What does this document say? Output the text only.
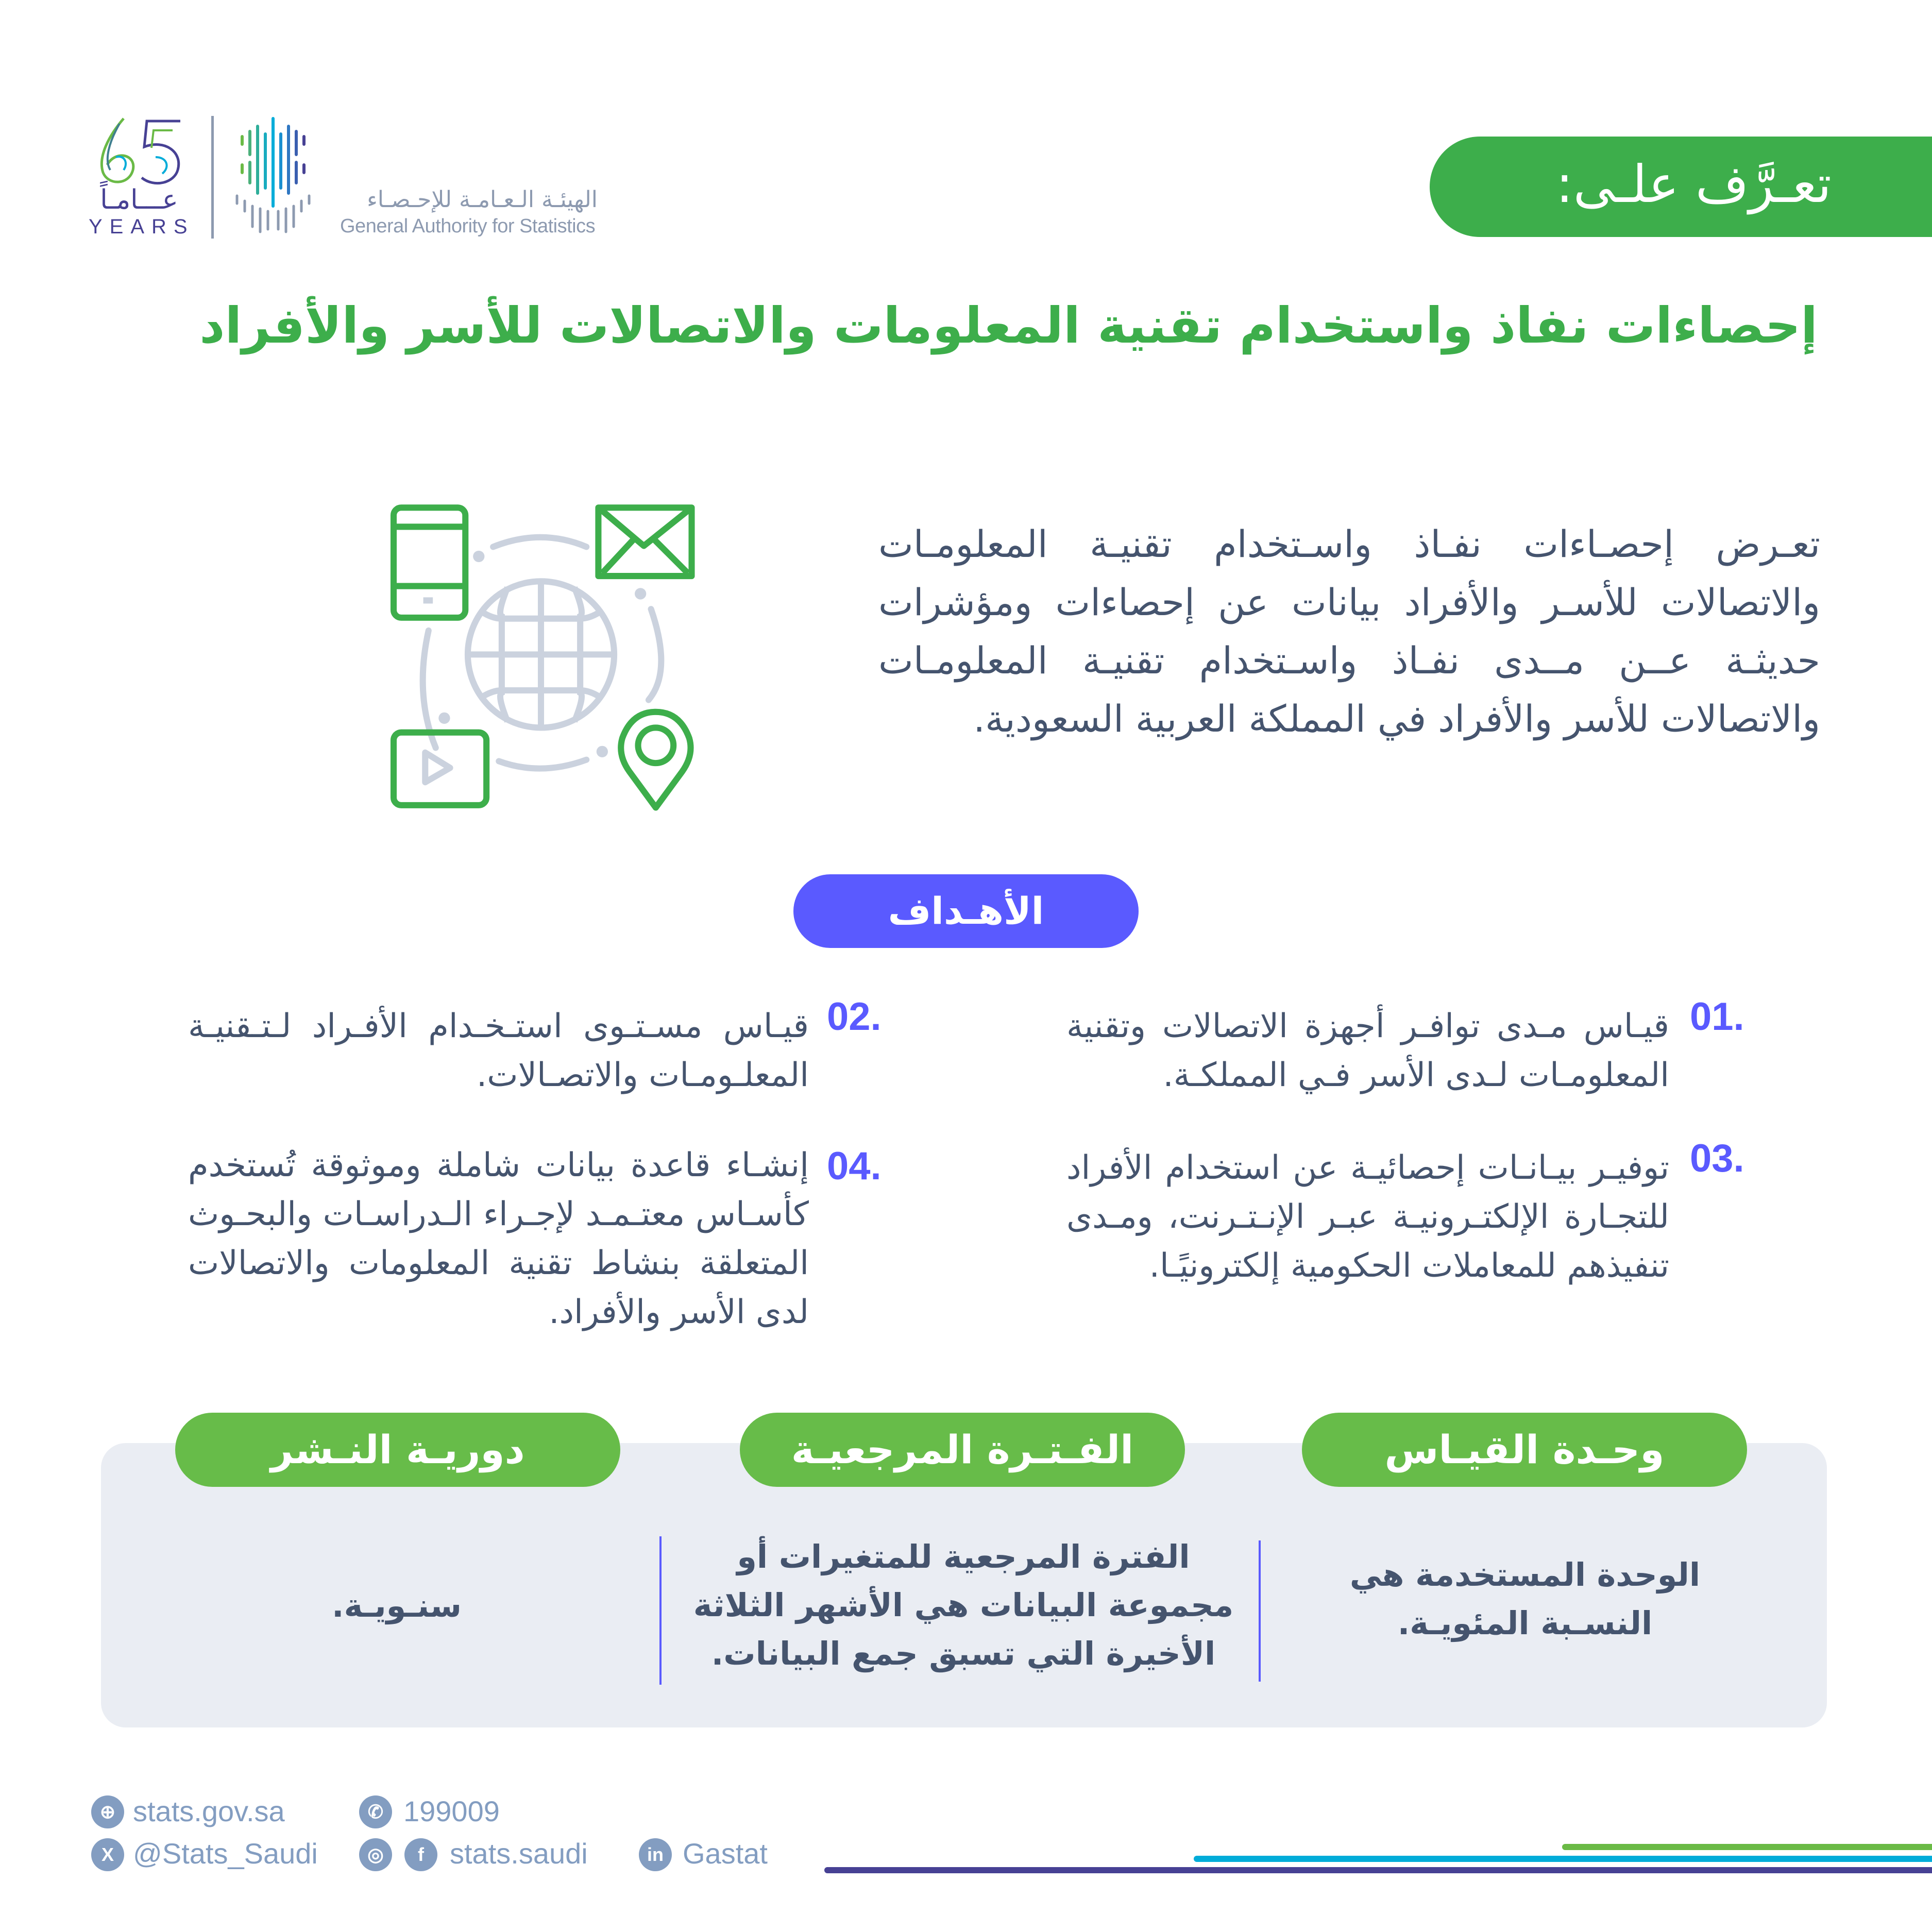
عـــامـاً
YEARS
الهيئـة الـعـامـة للإحـصـاء
General Authority for Statistics
تعـرَّف علـى:
إحصاءات نفاذ واستخدام تقنية المعلومات والاتصالات للأسر والأفراد
تعـرض إحصـاءات نفـاذ واسـتخدام تقنيـة المعلومـات والاتصالات للأسـر والأفراد بيانات عن إحصاءات ومؤشرات حديثـة عــن مــدى نفـاذ واسـتخدام تقنيـة المعلومـات والاتصالات للأسر والأفراد في المملكة العربية السعودية.
الأهـداف
01.
قيـاس مـدى توافـر أجهزة الاتصالات وتقنية المعلومـات لـدى الأسر فـي المملكـة.
02.
قيـاس مسـتـوى استـخـدام الأفـراد لـتـقنيـة المعلـومـات والاتصـالات.
03.
توفيـر بيـانـات إحصائيـة عن استخدام الأفراد للتجـارة الإلكتـرونيـة عبـر الإنـتـرنت، ومـدى تنفيذهم للمعاملات الحكومية إلكترونيًـا.
04.
إنشـاء قاعدة بيانات شاملة وموثوقة تُستخدم كأسـاس معتـمـد لإجـراء الـدراسـات والبحـوث المتعلقة بنشاط تقنية المعلومات والاتصالات لدى الأسر والأفراد.
وحـدة القيـاس
الوحدة المستخدمة هي النسـبة المئويـة.
الفـتـرة المرجعيـة
الفترة المرجعية للمتغيرات أو مجموعة البيانات هي الأشهر الثلاثة الأخيرة التي تسبق جمع البيانات.
دوريـة النـشر
سنـويـة.
⊕ stats.gov.sa	✆ 199009
X @Stats_Saudi	◎	f stats.saudi	in Gastat
